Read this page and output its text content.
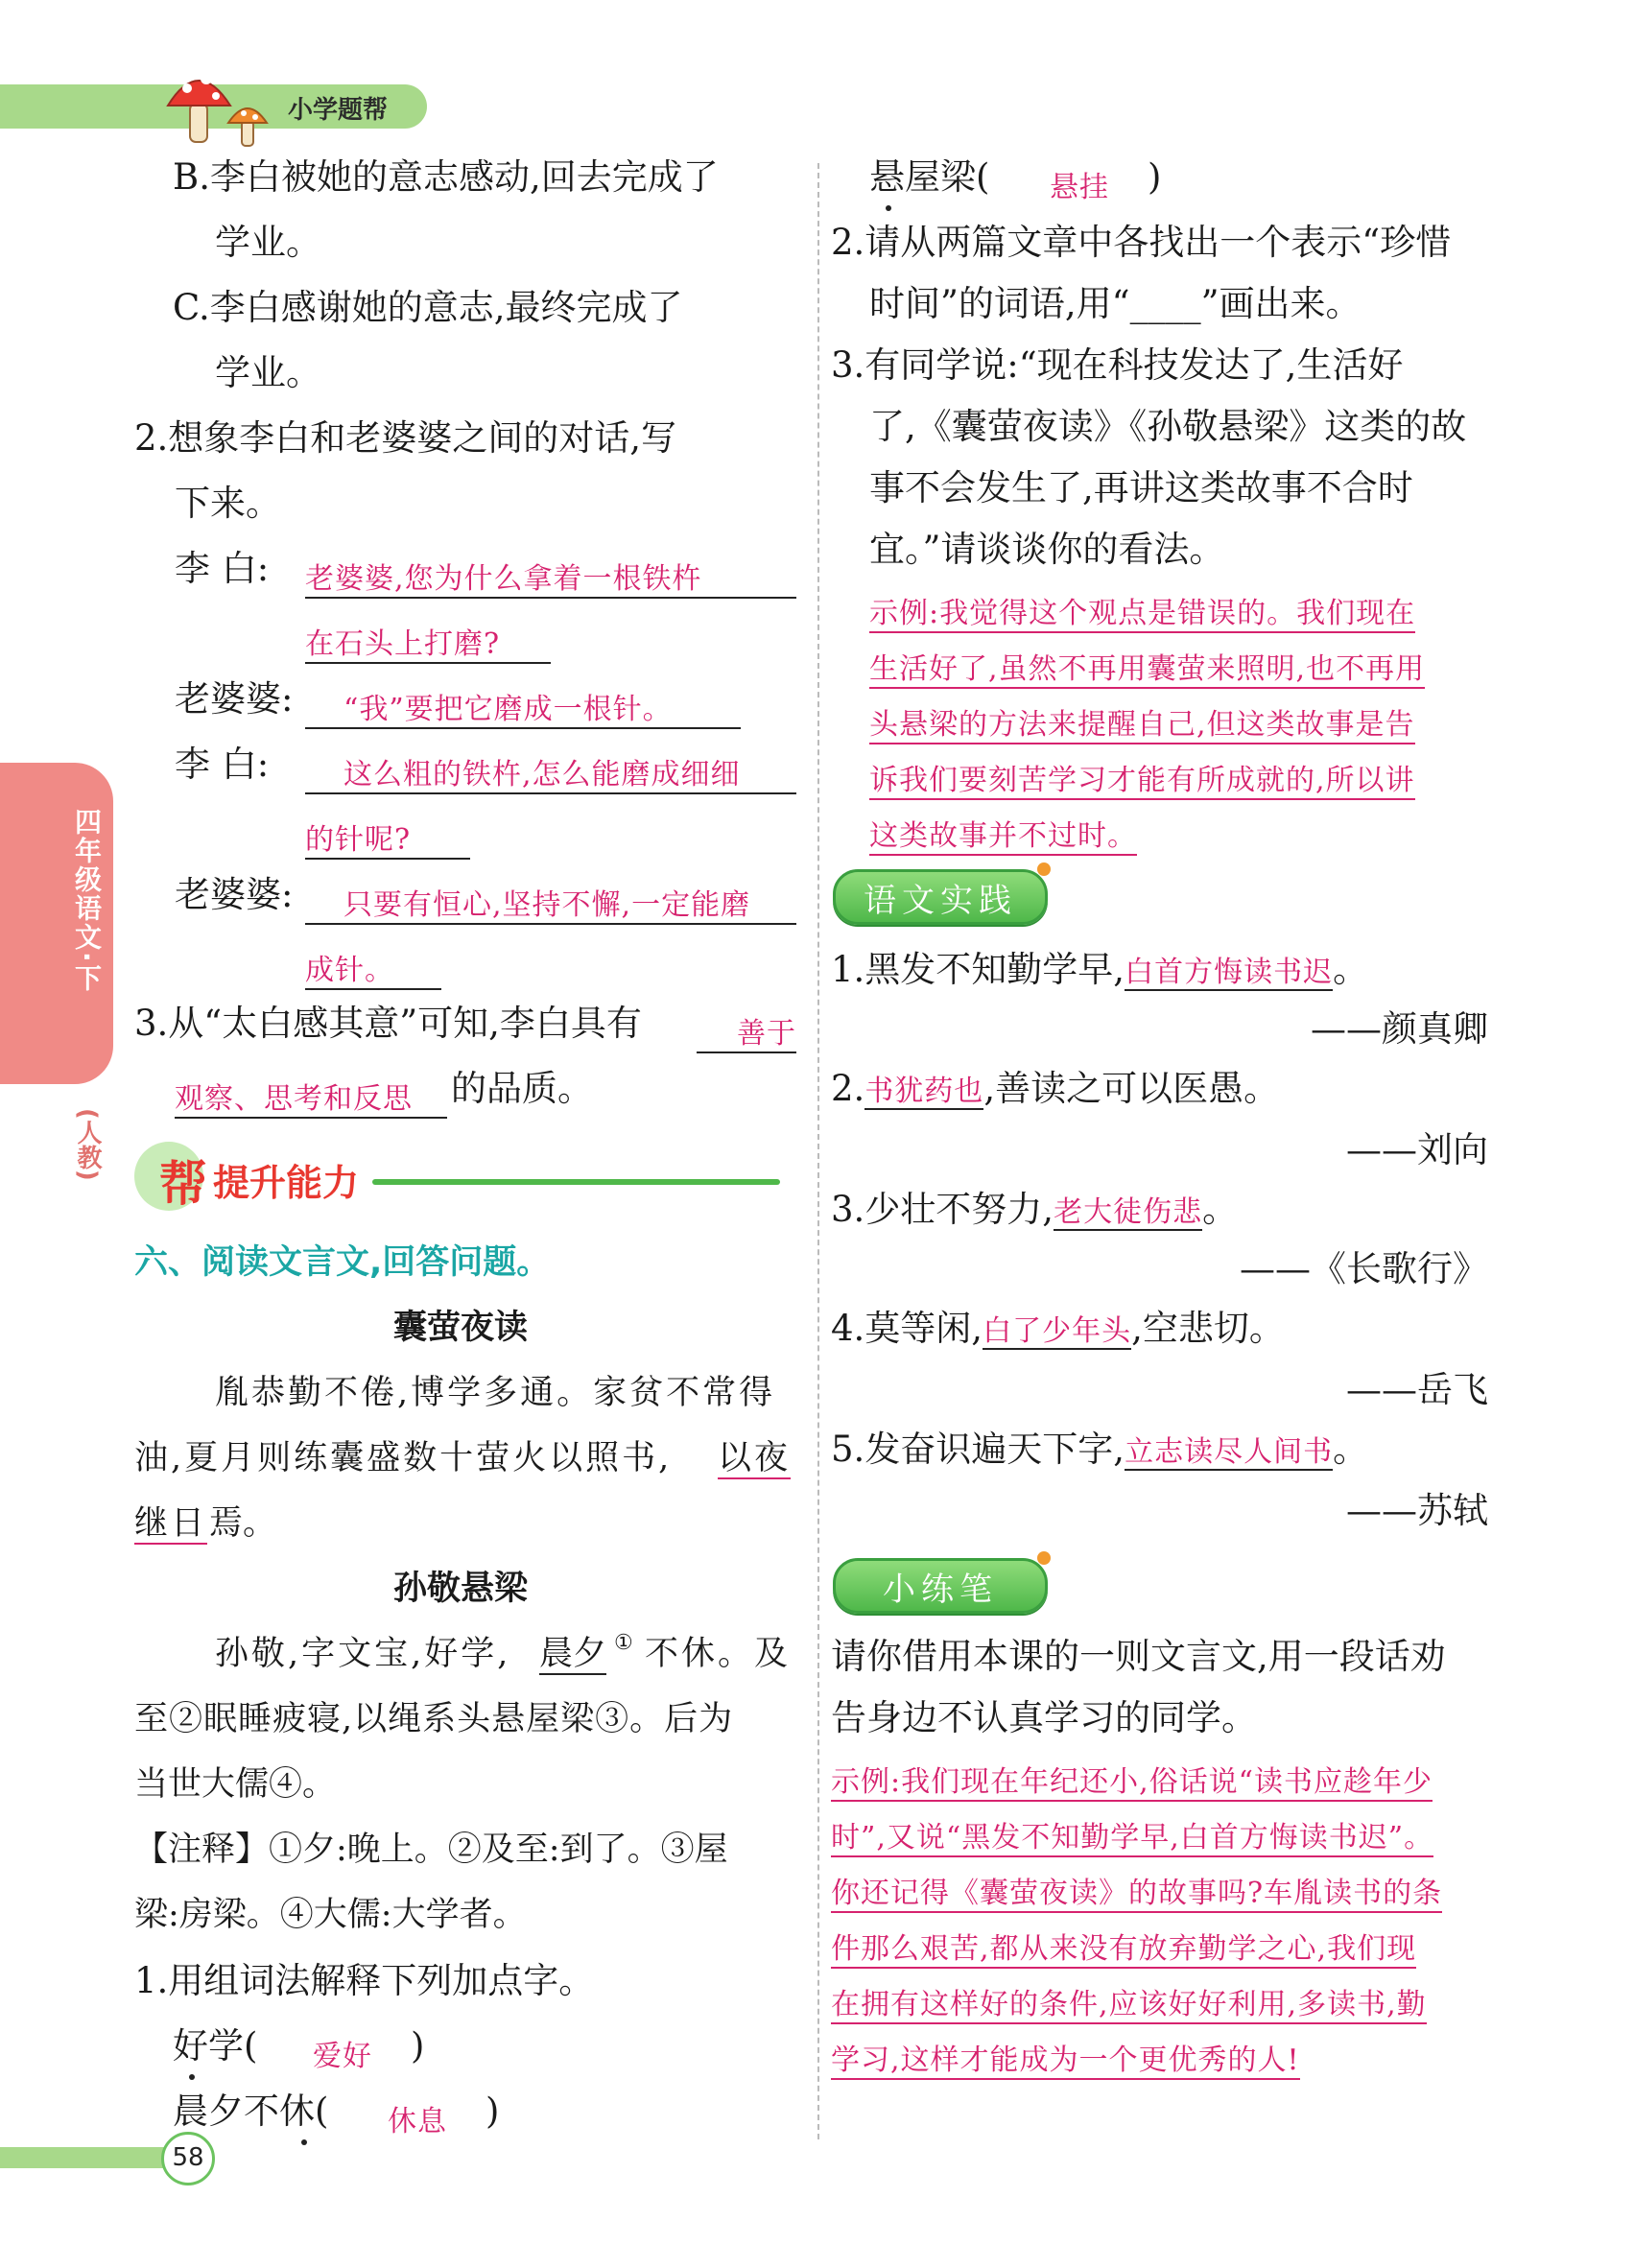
小学题帮
四年级语文·下
(人教)
B.李白被她的意志感动,回去完成了
学业。
C.李白感谢她的意志,最终完成了
学业。
2.想象李白和老婆婆之间的对话,写
下来。
李 白: 老婆婆,您为什么拿着一根铁杵
在石头上打磨?
老婆婆:	“我”要把它磨成一根针。
李 白:	这么粗的铁杵,怎么能磨成细细
的针呢?
老婆婆:	只要有恒心,坚持不懈,一定能磨
成针。
3.从“太白感其意”可知,李白具有	善于
观察、思考和反思	的品质。
帮 提升能力
六、阅读文言文,回答问题。
囊萤夜读
胤恭勤不倦,博学多通。家贫不常得
油,夏月则练囊盛数十萤火以照书, 以夜
继日 焉。
孙敬悬梁
孙敬,字文宝,好学, 晨夕 ① 不休。及
至②眠睡疲寝,以绳系头悬屋梁③。后为
当世大儒④。
【注释】①夕:晚上。②及至:到了。③屋
梁:房梁。④大儒:大学者。
1.用组词法解释下列加点字。
好学( 爱好 )
晨夕不休( 休息 )
悬屋梁( 悬挂 )
2.请从两篇文章中各找出一个表示“珍惜
时间”的词语,用“____”画出来。
3.有同学说:“现在科技发达了,生活好
了,《囊萤夜读》《孙敬悬梁》这类的故
事不会发生了,再讲这类故事不合时
宜。”请谈谈你的看法。
示例:我觉得这个观点是错误的。我们现在
生活好了,虽然不再用囊萤来照明,也不再用
头悬梁的方法来提醒自己,但这类故事是告
诉我们要刻苦学习才能有所成就的,所以讲
这类故事并不过时。
语文实践
1.黑发不知勤学早,白首方悔读书迟。
——颜真卿
2.书犹药也,善读之可以医愚。
——刘向
3.少壮不努力,老大徒伤悲。
——《长歌行》
4.莫等闲,白了少年头,空悲切。
——岳飞
5.发奋识遍天下字,立志读尽人间书。
——苏轼
小练笔
请你借用本课的一则文言文,用一段话劝
告身边不认真学习的同学。
示例:我们现在年纪还小,俗话说“读书应趁年少
时”,又说“黑发不知勤学早,白首方悔读书迟”。
你还记得《囊萤夜读》的故事吗?车胤读书的条
件那么艰苦,都从来没有放弃勤学之心,我们现
在拥有这样好的条件,应该好好利用,多读书,勤
学习,这样才能成为一个更优秀的人!
58
